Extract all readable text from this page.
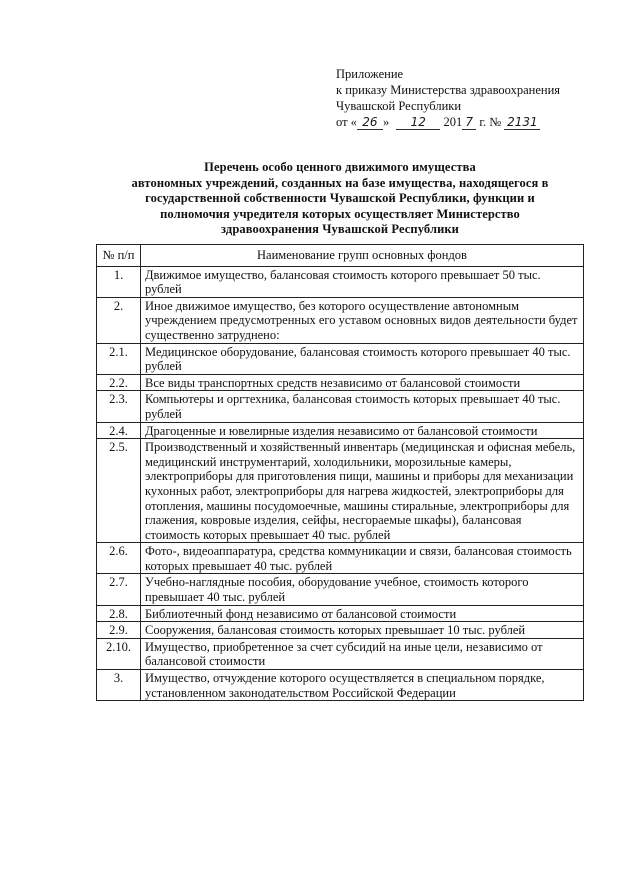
Приложение
к приказу Министерства здравоохранения
Чувашской Республики
от « 26 » 12 201 7 г. № 2131
Перечень особо ценного движимого имущества
автономных учреждений, созданных на базе имущества, находящегося в
государственной собственности Чувашской Республики, функции и
полномочия учредителя которых осуществляет Министерство
здравоохранения Чувашской Республики
№ п/п	Наименование групп основных фондов
1.	Движимое имущество, балансовая стоимость которого превышает 50 тыс. рублей
2.	Иное движимое имущество, без которого осуществление автономным учреждением предусмотренных его уставом основных видов деятельности будет существенно затруднено:
2.1.	Медицинское оборудование, балансовая стоимость которого превышает 40 тыс. рублей
2.2.	Все виды транспортных средств независимо от балансовой стоимости
2.3.	Компьютеры и оргтехника, балансовая стоимость которых превышает 40 тыс. рублей
2.4.	Драгоценные и ювелирные изделия независимо от балансовой стоимости
2.5.	Производственный и хозяйственный инвентарь (медицинская и офисная мебель, медицинский инструментарий, холодильники, морозильные камеры, электроприборы для приготовления пищи, машины и приборы для механизации кухонных работ, электроприборы для нагрева жидкостей, электроприборы для отопления, машины посудомоечные, машины стиральные, электроприборы для глажения, ковровые изделия, сейфы, несгораемые шкафы), балансовая стоимость которых превышает 40 тыс. рублей
2.6.	Фото-, видеоаппаратура, средства коммуникации и связи, балансовая стоимость которых превышает 40 тыс. рублей
2.7.	Учебно-наглядные пособия, оборудование учебное, стоимость которого превышает 40 тыс. рублей
2.8.	Библиотечный фонд независимо от балансовой стоимости
2.9.	Сооружения, балансовая стоимость которых превышает 10 тыс. рублей
2.10.	Имущество, приобретенное за счет субсидий на иные цели, независимо от балансовой стоимости
3.	Имущество, отчуждение которого осуществляется в специальном порядке, установленном законодательством Российской Федерации
